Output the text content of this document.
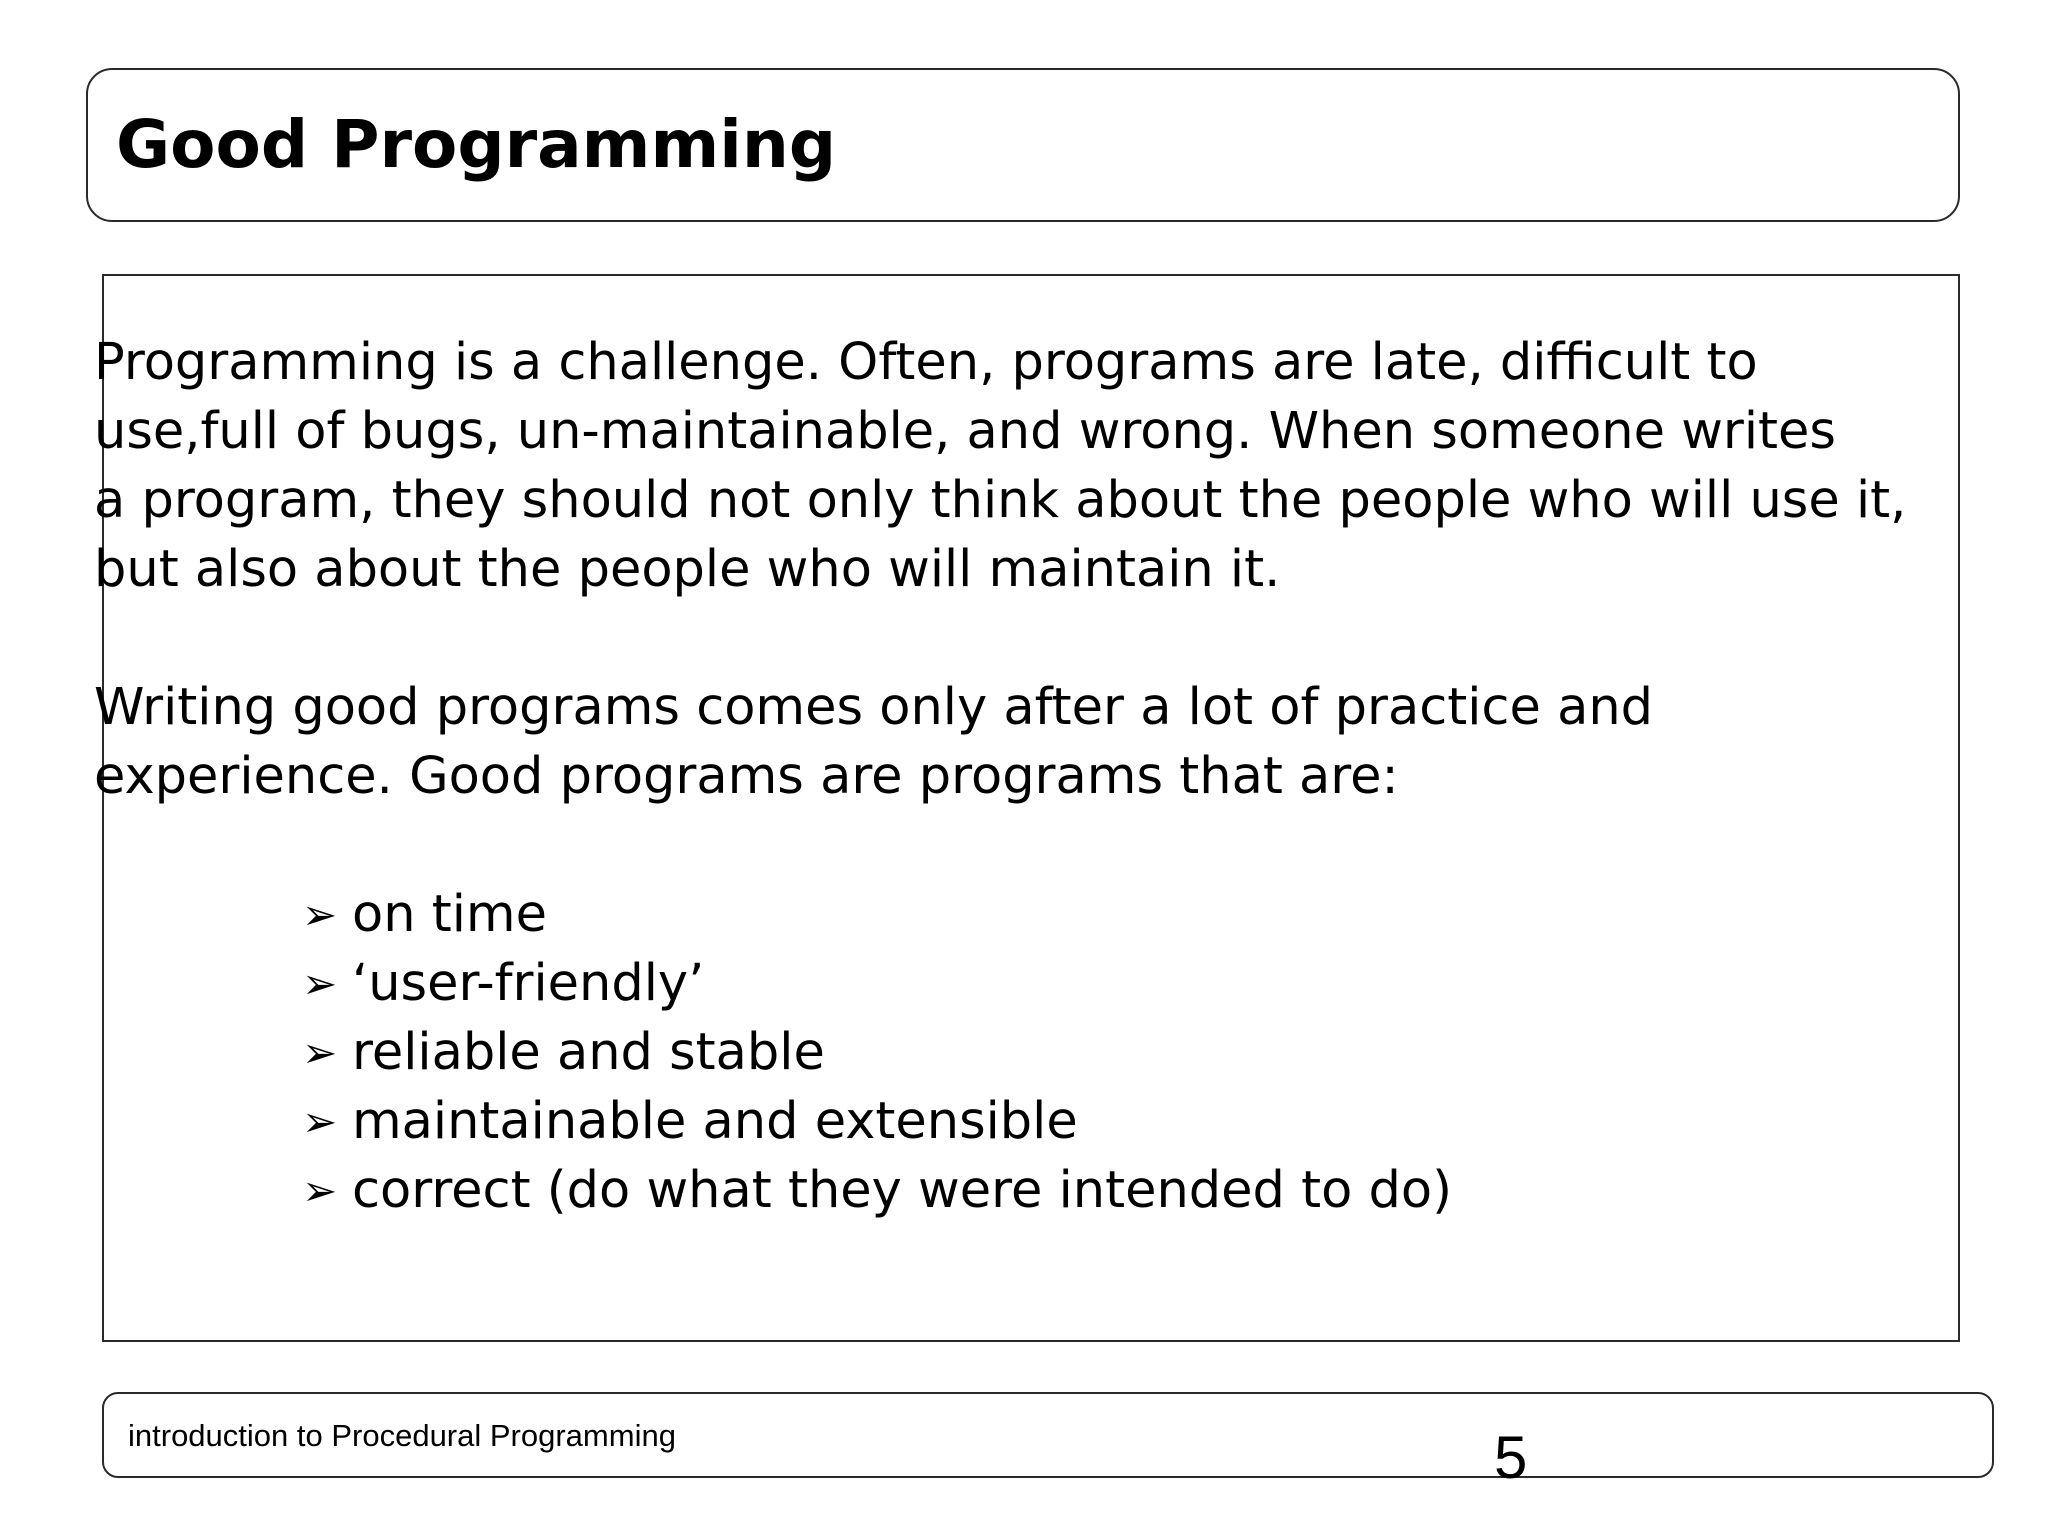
Good Programming

Programming is a challenge. Often, programs are late, difficult to
use,full of bugs, un-maintainable, and wrong. When someone writes
a program, they should not only think about the people who will use it,
but also about the people who will maintain it.

Writing good programs comes only after a lot of practice and
experience. Good programs are programs that are:

➢ on time
➢ ‘user-friendly’
➢ reliable and stable
➢ maintainable and extensible
➢ correct (do what they were intended to do)
introduction to Procedural Programming	5
